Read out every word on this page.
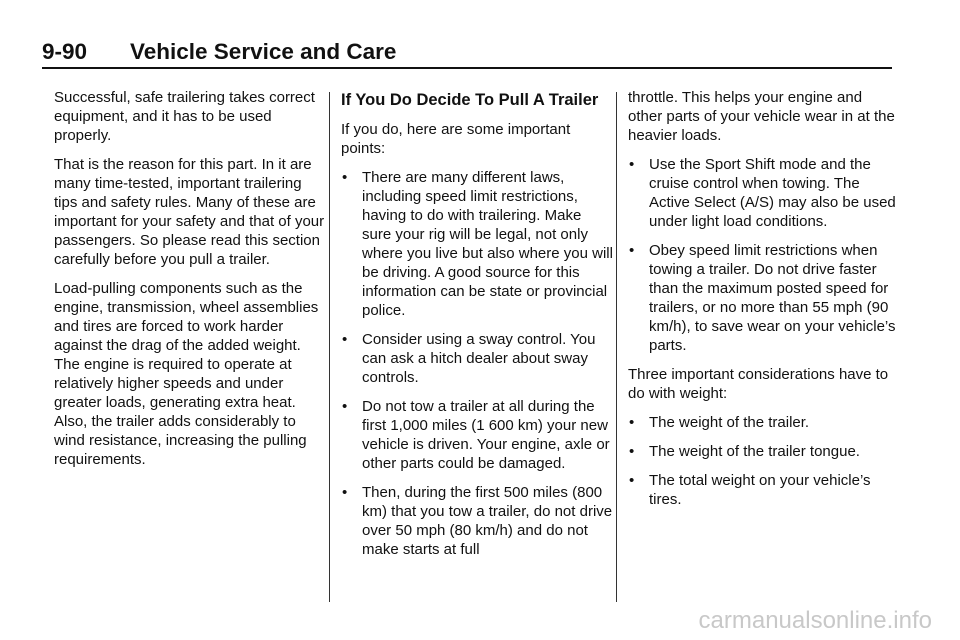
9-90 Vehicle Service and Care

Successful, safe trailering takes correct equipment, and it has to be used properly.

That is the reason for this part. In it are many time-tested, important trailering tips and safety rules. Many of these are important for your safety and that of your passengers. So please read this section carefully before you pull a trailer.

Load-pulling components such as the engine, transmission, wheel assemblies and tires are forced to work harder against the drag of the added weight. The engine is required to operate at relatively higher speeds and under greater loads, generating extra heat. Also, the trailer adds considerably to wind resistance, increasing the pulling requirements.

If You Do Decide To Pull A Trailer

If you do, here are some important points:

• There are many different laws, including speed limit restrictions, having to do with trailering. Make sure your rig will be legal, not only where you live but also where you will be driving. A good source for this information can be state or provincial police.
• Consider using a sway control. You can ask a hitch dealer about sway controls.
• Do not tow a trailer at all during the first 1,000 miles (1 600 km) your new vehicle is driven. Your engine, axle or other parts could be damaged.
• Then, during the first 500 miles (800 km) that you tow a trailer, do not drive over 50 mph (80 km/h) and do not make starts at full
throttle. This helps your engine and other parts of your vehicle wear in at the heavier loads.
• Use the Sport Shift mode and the cruise control when towing. The Active Select (A/S) may also be used under light load conditions.
• Obey speed limit restrictions when towing a trailer. Do not drive faster than the maximum posted speed for trailers, or no more than 55 mph (90 km/h), to save wear on your vehicle’s parts.

Three important considerations have to do with weight:

• The weight of the trailer.
• The weight of the trailer tongue.
• The total weight on your vehicle’s tires.
carmanualsonline.info
